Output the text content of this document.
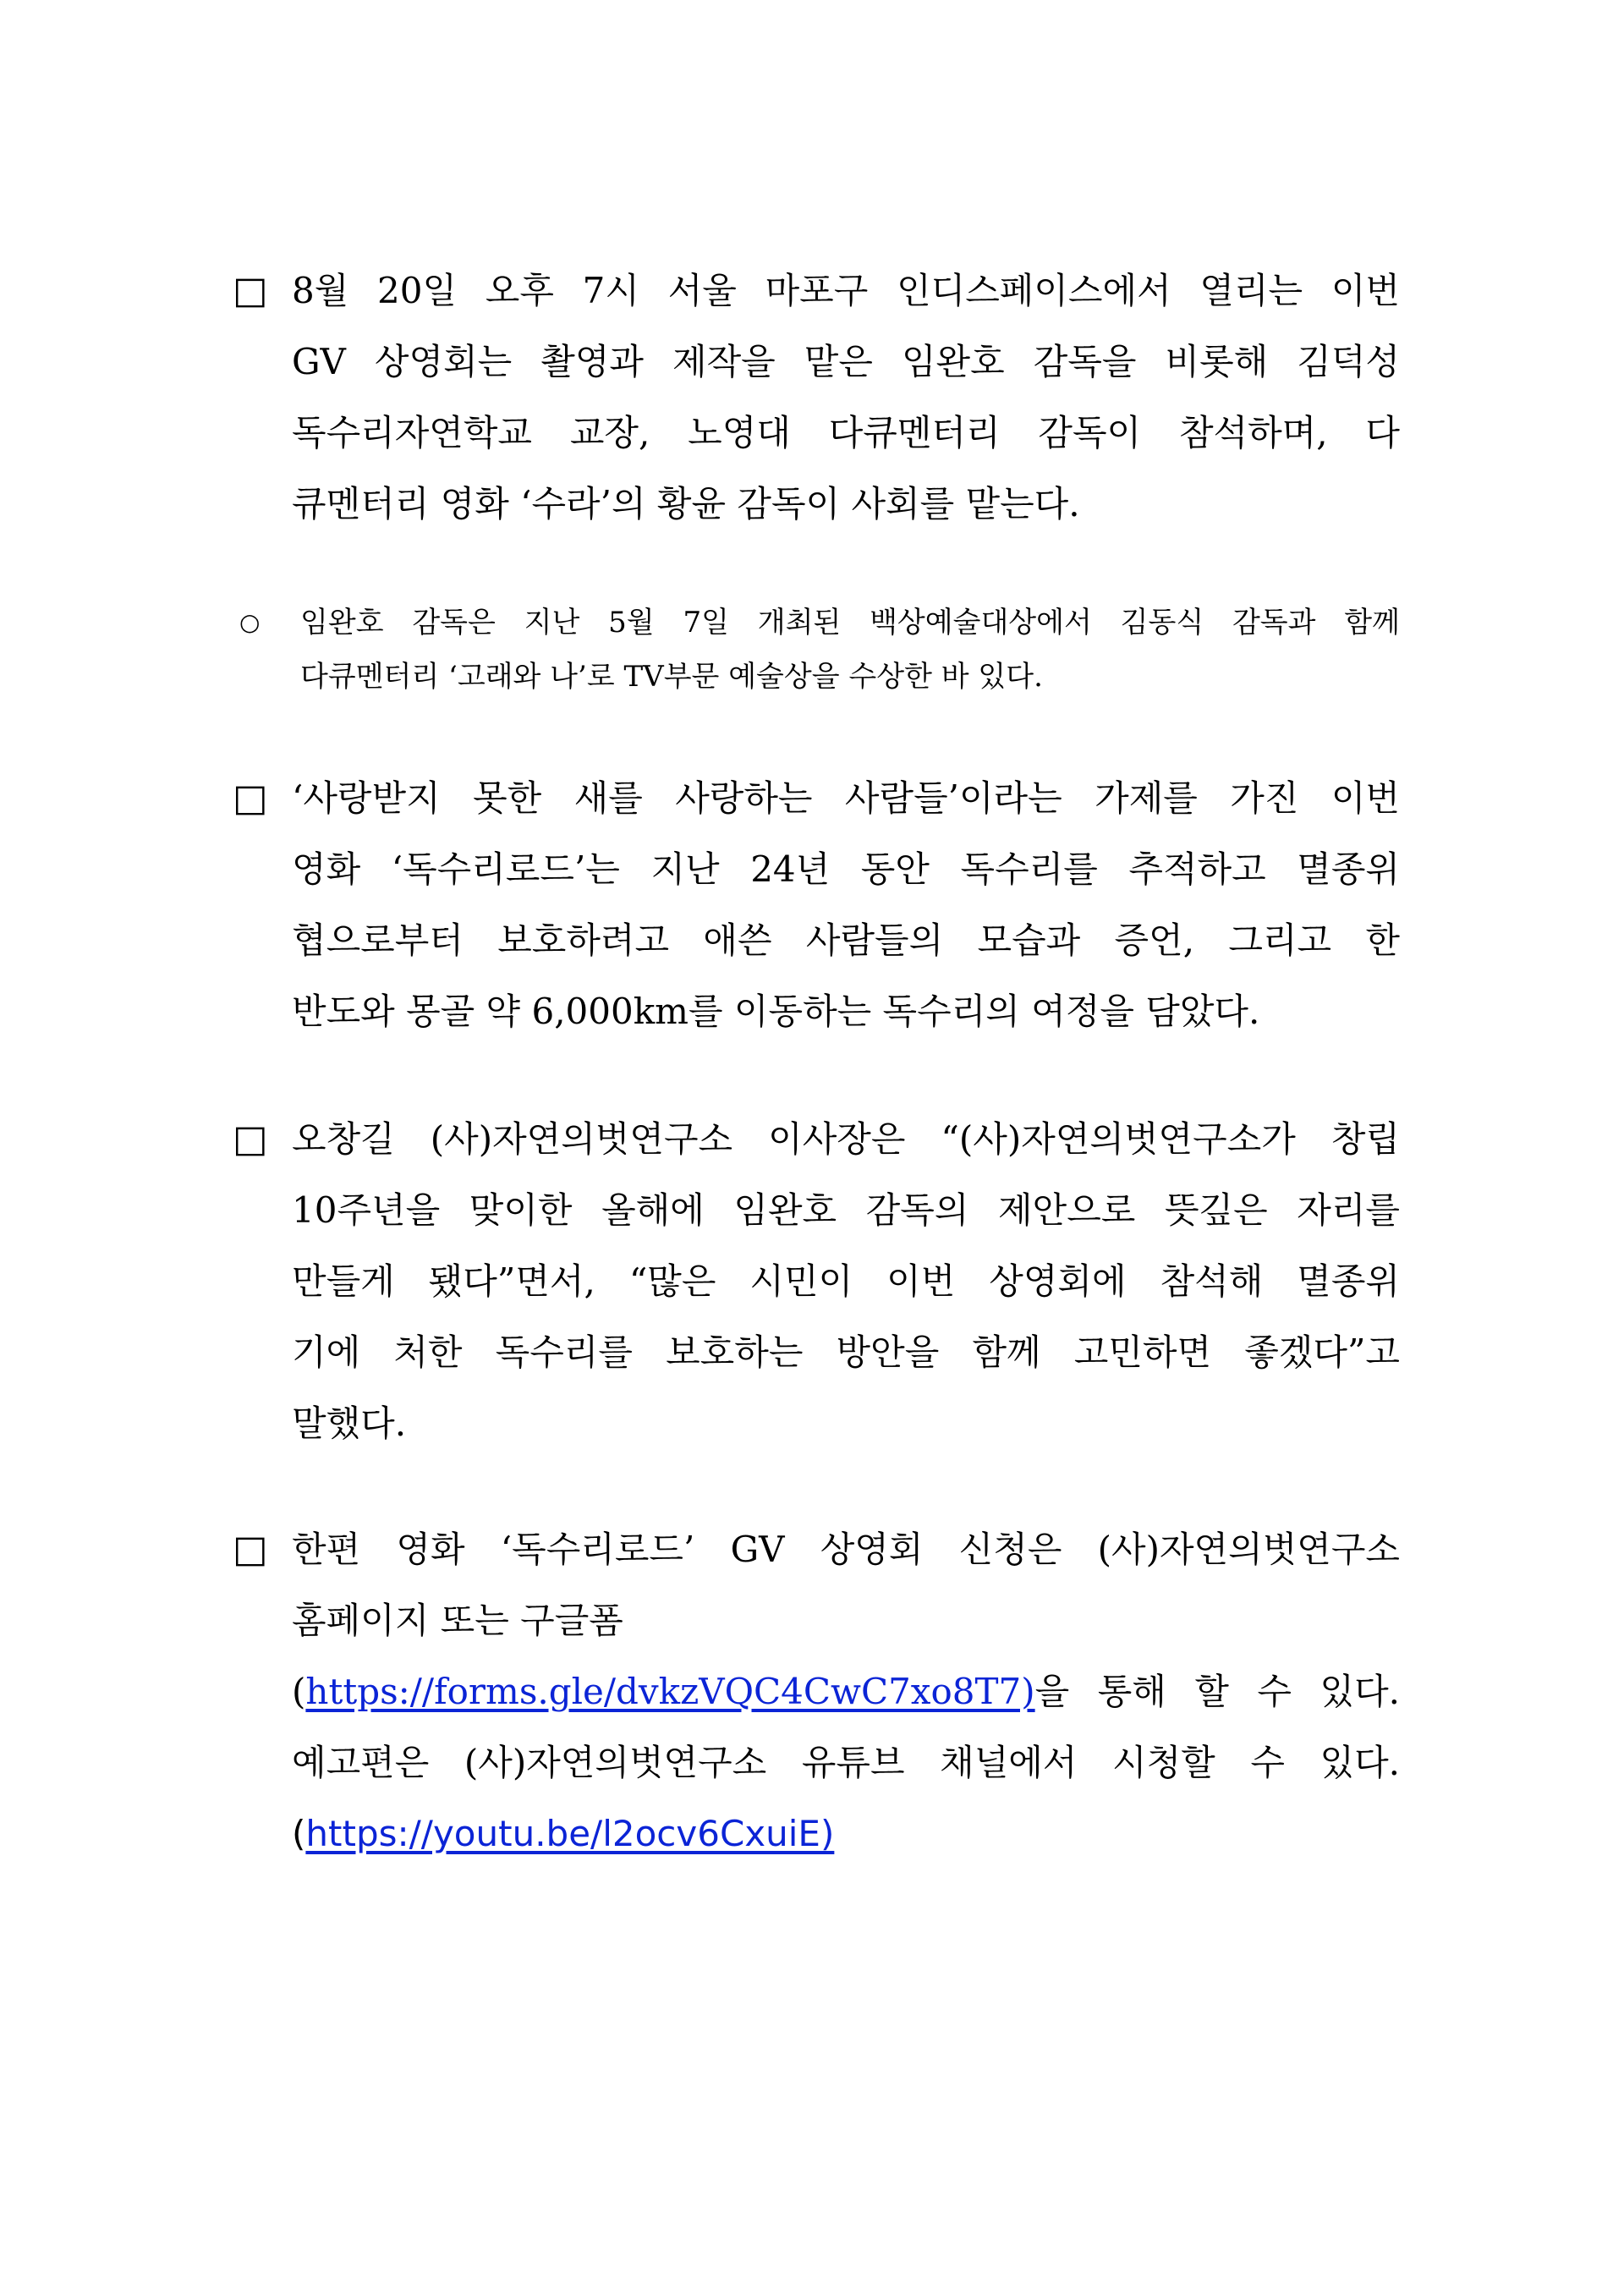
□ 8월 20일 오후 7시 서울 마포구 인디스페이스에서 열리는 이번
GV 상영회는 촬영과 제작을 맡은 임완호 감독을 비롯해 김덕성
독수리자연학교 교장, 노영대 다큐멘터리 감독이 참석하며, 다
큐멘터리 영화 ‘수라’의 황윤 감독이 사회를 맡는다.
○ 임완호 감독은 지난 5월 7일 개최된 백상예술대상에서 김동식 감독과 함께
다큐멘터리 ‘고래와 나’로 TV부문 예술상을 수상한 바 있다.
□ ‘사랑받지 못한 새를 사랑하는 사람들’이라는 가제를 가진 이번
영화 ‘독수리로드’는 지난 24년 동안 독수리를 추적하고 멸종위
협으로부터 보호하려고 애쓴 사람들의 모습과 증언, 그리고 한
반도와 몽골 약 6,000km를 이동하는 독수리의 여정을 담았다.
□ 오창길 (사)자연의벗연구소 이사장은 “(사)자연의벗연구소가 창립
10주년을 맞이한 올해에 임완호 감독의 제안으로 뜻깊은 자리를
만들게 됐다”면서, “많은 시민이 이번 상영회에 참석해 멸종위
기에 처한 독수리를 보호하는 방안을 함께 고민하면 좋겠다”고
말했다.
□ 한편 영화 ‘독수리로드’ GV 상영회 신청은 (사)자연의벗연구소
홈페이지 또는 구글폼
(https://forms.gle/dvkzVQC4CwC7xo8T7)을 통해 할 수 있다.
예고편은 (사)자연의벗연구소 유튜브 채널에서 시청할 수 있다.
(https://youtu.be/l2ocv6CxuiE)
